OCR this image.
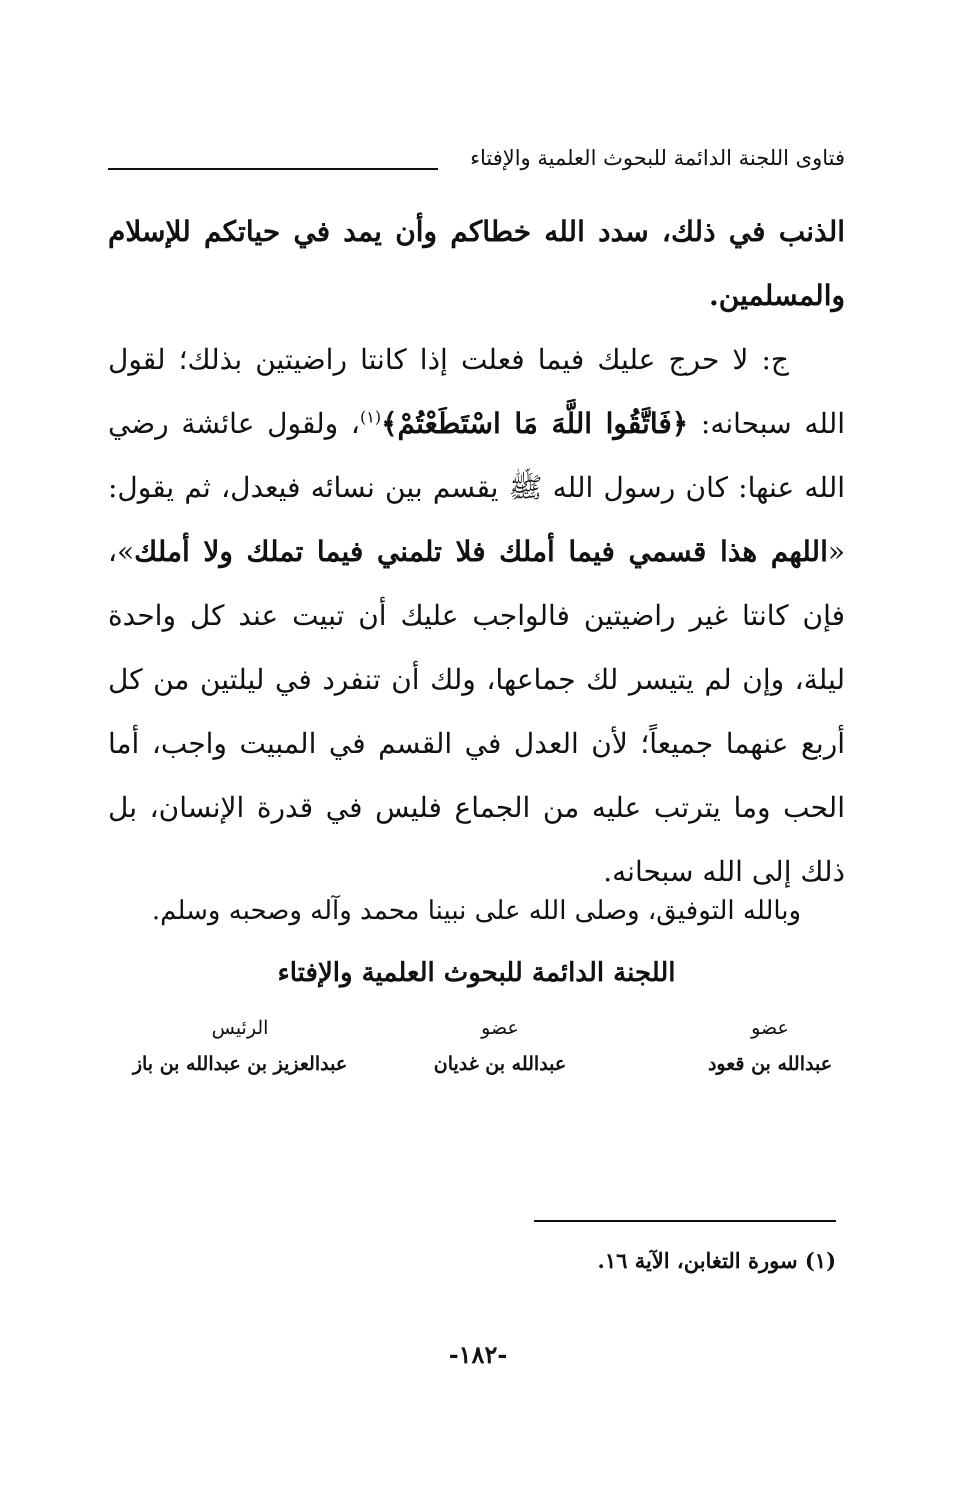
فتاوى اللجنة الدائمة للبحوث العلمية والإفتاء

الذنب في ذلك، سدد الله خطاكم وأن يمد في حياتكم للإسلام والمسلمين.

ج: لا حرج عليك فيما فعلت إذا كانتا راضيتين بذلك؛ لقول الله سبحانه: ﴿فَاتَّقُوا اللَّهَ مَا اسْتَطَعْتُمْ﴾$^{(١)}$، ولقول عائشة رضي الله عنها: كان رسول الله ﷺ يقسم بين نسائه فيعدل، ثم يقول: «اللهم هذا قسمي فيما أملك فلا تلمني فيما تملك ولا أملك»، فإن كانتا غير راضيتين فالواجب عليك أن تبيت عند كل واحدة ليلة، وإن لم يتيسر لك جماعها، ولك أن تنفرد في ليلتين من كل أربع عنهما جميعاً؛ لأن العدل في القسم في المبيت واجب، أما الحب وما يترتب عليه من الجماع فليس في قدرة الإنسان، بل ذلك إلى الله سبحانه.

وبالله التوفيق، وصلى الله على نبينا محمد وآله وصحبه وسلم.
اللجنة الدائمة للبحوث العلمية والإفتاء
عضو
عبدالله بن قعود
عضو
عبدالله بن غديان
الرئيس
عبدالعزيز بن عبدالله بن باز
(١) سورة التغابن، الآية ١٦.
-١٨٢-
